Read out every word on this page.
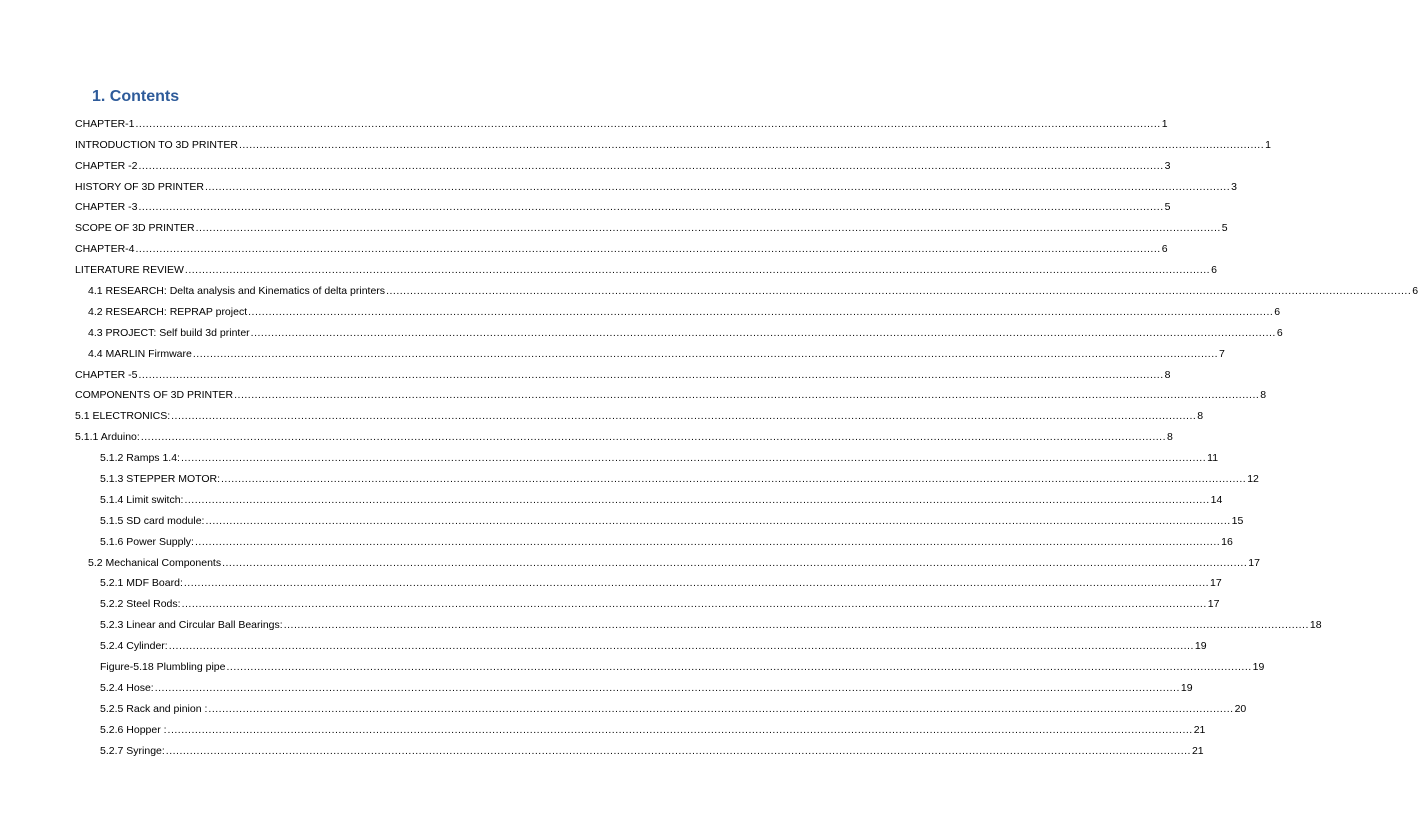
1. Contents
CHAPTER-1 ............................................................................................................................................................................................................................................................................................................ 1
INTRODUCTION TO 3D PRINTER ............................................................................................................................................................................................................................................................................................................ 1
CHAPTER -2 ............................................................................................................................................................................................................................................................................................................ 3
HISTORY OF 3D PRINTER ............................................................................................................................................................................................................................................................................................................ 3
CHAPTER -3 ............................................................................................................................................................................................................................................................................................................ 5
SCOPE OF 3D PRINTER ............................................................................................................................................................................................................................................................................................................ 5
CHAPTER-4 ............................................................................................................................................................................................................................................................................................................ 6
LITERATURE REVIEW ............................................................................................................................................................................................................................................................................................................ 6
4.1 RESEARCH: Delta analysis and Kinematics of delta printers ............................................................................................................................................................................................................................................................................................................ 6
4.2 RESEARCH: REPRAP project ............................................................................................................................................................................................................................................................................................................ 6
4.3 PROJECT: Self build 3d printer ............................................................................................................................................................................................................................................................................................................ 6
4.4 MARLIN Firmware ............................................................................................................................................................................................................................................................................................................ 7
CHAPTER -5 ............................................................................................................................................................................................................................................................................................................ 8
COMPONENTS OF 3D PRINTER ............................................................................................................................................................................................................................................................................................................ 8
5.1 ELECTRONICS: ............................................................................................................................................................................................................................................................................................................ 8
5.1.1 Arduino: ............................................................................................................................................................................................................................................................................................................ 8
5.1.2 Ramps 1.4: ............................................................................................................................................................................................................................................................................................................ 11
5.1.3 STEPPER MOTOR: ............................................................................................................................................................................................................................................................................................................ 12
5.1.4 Limit switch: ............................................................................................................................................................................................................................................................................................................ 14
5.1.5 SD card module: ............................................................................................................................................................................................................................................................................................................ 15
5.1.6 Power Supply: ............................................................................................................................................................................................................................................................................................................ 16
5.2 Mechanical Components ............................................................................................................................................................................................................................................................................................................ 17
5.2.1 MDF Board: ............................................................................................................................................................................................................................................................................................................ 17
5.2.2 Steel Rods: ............................................................................................................................................................................................................................................................................................................ 17
5.2.3 Linear and Circular Ball Bearings: ............................................................................................................................................................................................................................................................................................................ 18
5.2.4 Cylinder: ............................................................................................................................................................................................................................................................................................................ 19
Figure-5.18 Plumbling pipe ............................................................................................................................................................................................................................................................................................................ 19
5.2.4 Hose: ............................................................................................................................................................................................................................................................................................................ 19
5.2.5 Rack and pinion : ............................................................................................................................................................................................................................................................................................................ 20
5.2.6 Hopper : ............................................................................................................................................................................................................................................................................................................ 21
5.2.7 Syringe: ............................................................................................................................................................................................................................................................................................................ 21
